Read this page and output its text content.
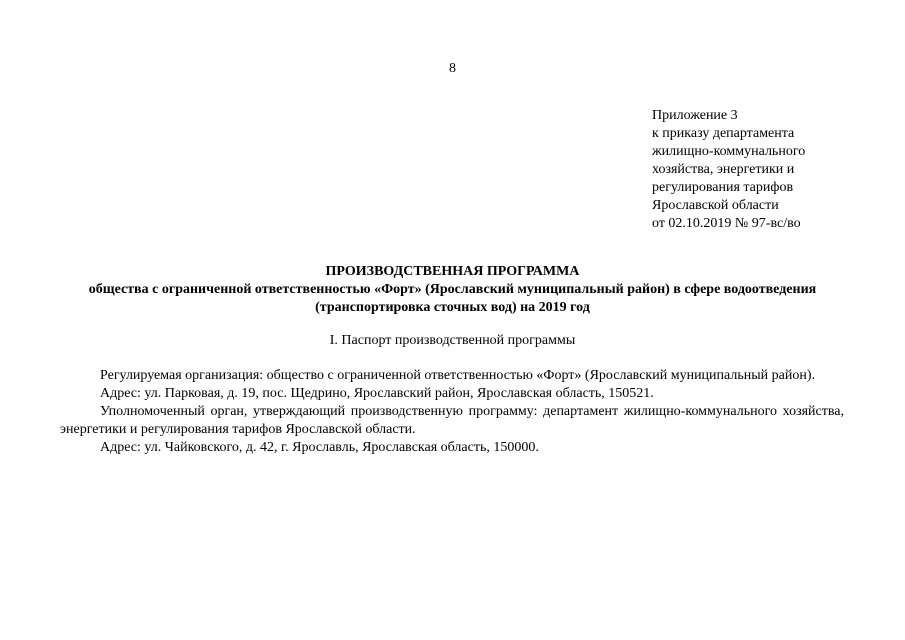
8
Приложение 3
к приказу департамента
жилищно-коммунального
хозяйства, энергетики и
регулирования тарифов
Ярославской области
от 02.10.2019 № 97-вс/во
ПРОИЗВОДСТВЕННАЯ ПРОГРАММА
общества с ограниченной ответственностью «Форт» (Ярославский муниципальный район) в сфере водоотведения
(транспортировка сточных вод) на 2019 год
I. Паспорт производственной программы

Регулируемая организация: общество с ограниченной ответственностью «Форт» (Ярославский муниципальный район).

Адрес: ул. Парковая, д. 19, пос. Щедрино, Ярославский район, Ярославская область, 150521.

Уполномоченный орган, утверждающий производственную программу: департамент жилищно-коммунального хозяйства, энергетики и регулирования тарифов Ярославской области.

Адрес: ул. Чайковского, д. 42, г. Ярославль, Ярославская область, 150000.
